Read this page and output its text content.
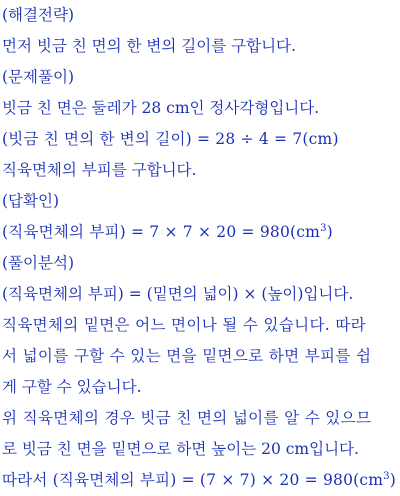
(해결전략)
먼저 빗금 친 면의 한 변의 길이를 구합니다.
(문제풀이)
빗금 친 면은 둘레가 28 cm인 정사각형입니다.
(빗금 친 면의 한 변의 길이) = 28 ÷ 4 = 7(cm)
직육면체의 부피를 구합니다.
(답확인)
(직육면체의 부피) = $7 \times 7 \times 20 = 980(cm^3)$
(풀이분석)
(직육면체의 부피) = (밑면의 넓이) × (높이)입니다.
직육면체의 밑면은 어느 면이나 될 수 있습니다. 따라
서 넓이를 구할 수 있는 면을 밑면으로 하면 부피를 쉽
게 구할 수 있습니다.
위 직육면체의 경우 빗금 친 면의 넓이를 알 수 있으므
로 빗금 친 면을 밑면으로 하면 높이는 20 cm입니다.
따라서 (직육면체의 부피) = $(7 \times 7) \times 20 = 980(cm^3)$
